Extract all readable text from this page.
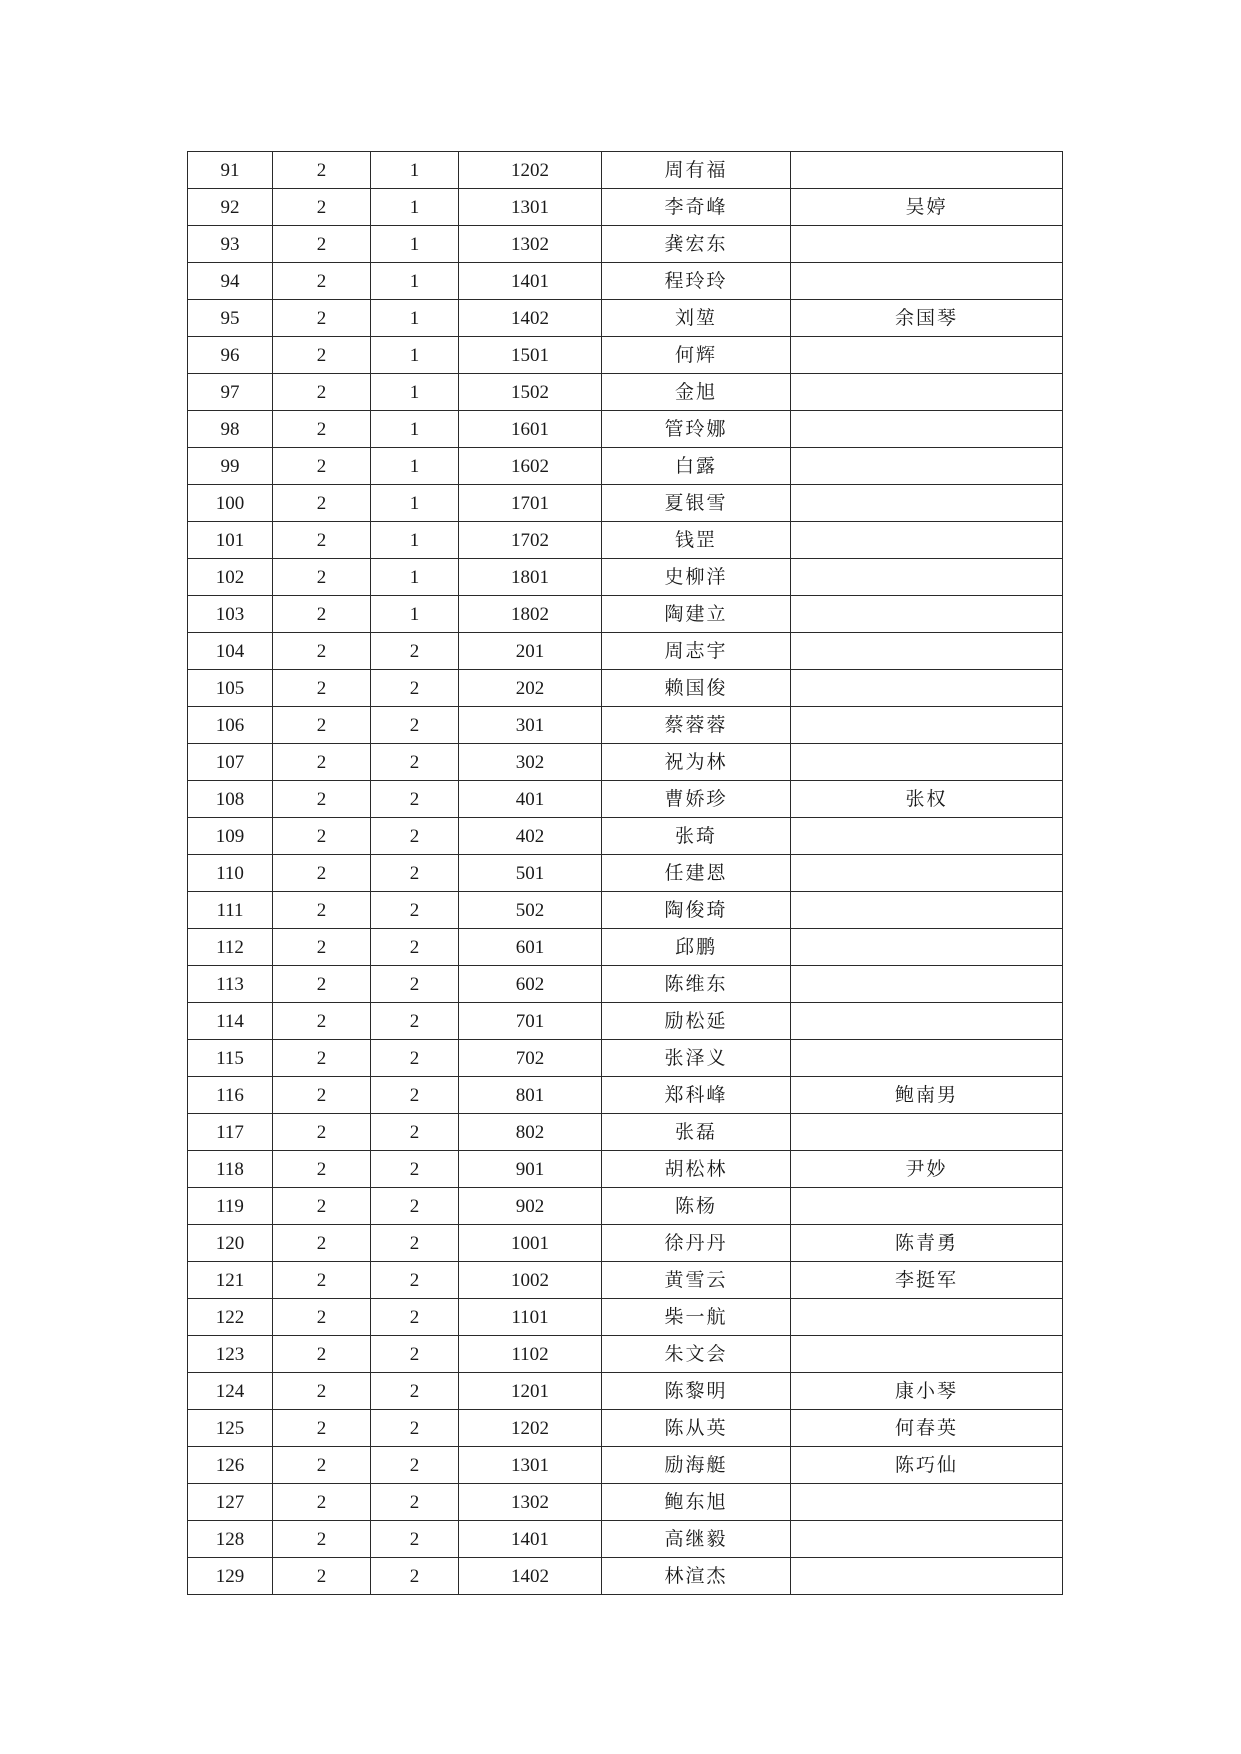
91	2	1	1202	周有福	
92	2	1	1301	李奇峰	吴婷
93	2	1	1302	龚宏东	
94	2	1	1401	程玲玲	
95	2	1	1402	刘堃	余国琴
96	2	1	1501	何辉	
97	2	1	1502	金旭	
98	2	1	1601	管玲娜	
99	2	1	1602	白露	
100	2	1	1701	夏银雪	
101	2	1	1702	钱罡	
102	2	1	1801	史柳洋	
103	2	1	1802	陶建立	
104	2	2	201	周志宇	
105	2	2	202	赖国俊	
106	2	2	301	蔡蓉蓉	
107	2	2	302	祝为林	
108	2	2	401	曹娇珍	张权
109	2	2	402	张琦	
110	2	2	501	任建恩	
111	2	2	502	陶俊琦	
112	2	2	601	邱鹏	
113	2	2	602	陈维东	
114	2	2	701	励松延	
115	2	2	702	张泽义	
116	2	2	801	郑科峰	鲍南男
117	2	2	802	张磊	
118	2	2	901	胡松林	尹妙
119	2	2	902	陈杨	
120	2	2	1001	徐丹丹	陈青勇
121	2	2	1002	黄雪云	李挺军
122	2	2	1101	柴一航	
123	2	2	1102	朱文会	
124	2	2	1201	陈黎明	康小琴
125	2	2	1202	陈从英	何春英
126	2	2	1301	励海艇	陈巧仙
127	2	2	1302	鲍东旭	
128	2	2	1401	高继毅	
129	2	2	1402	林渲杰	
